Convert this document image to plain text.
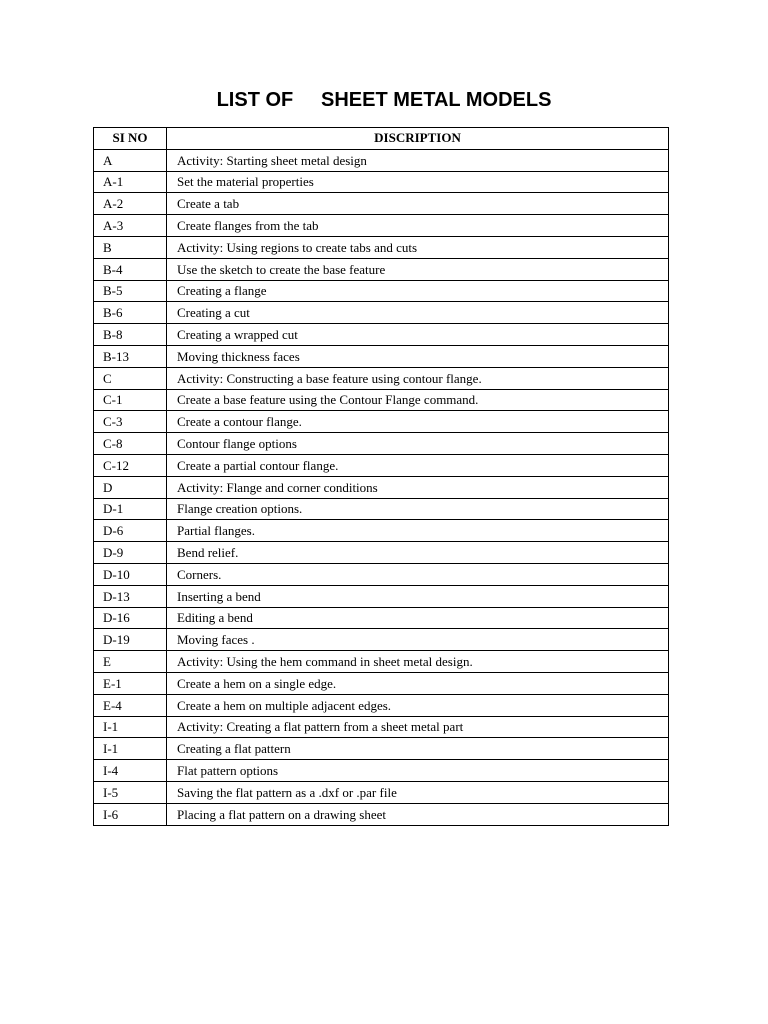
LIST OF     SHEET METAL MODELS
SI NO	DISCRIPTION
A	Activity: Starting sheet metal design
A-1	Set the material properties
A-2	Create a tab
A-3	Create flanges from the tab
B	Activity: Using regions to create tabs and cuts
B-4	Use the sketch to create the base feature
B-5	Creating a flange
B-6	Creating a cut
B-8	Creating a wrapped cut
B-13	Moving thickness faces
C	Activity: Constructing a base feature using contour flange.
C-1	Create a base feature using the Contour Flange command.
C-3	Create a contour flange.
C-8	Contour flange options
C-12	Create a partial contour flange.
D	Activity: Flange and corner conditions
D-1	Flange creation options.
D-6	Partial flanges.
D-9	Bend relief.
D-10	Corners.
D-13	Inserting a bend
D-16	Editing a bend
D-19	Moving faces .
E	Activity: Using the hem command in sheet metal design.
E-1	Create a hem on a single edge.
E-4	Create a hem on multiple adjacent edges.
I-1	Activity: Creating a flat pattern from a sheet metal part
I-1	Creating a flat pattern
I-4	Flat pattern options
I-5	Saving the flat pattern as a .dxf or .par file
I-6	Placing a flat pattern on a drawing sheet
